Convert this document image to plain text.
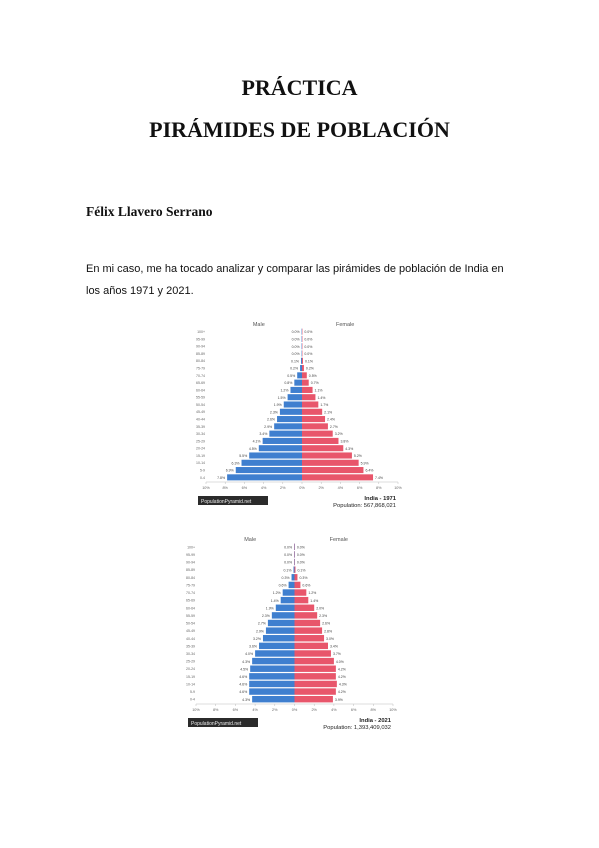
PRÁCTICA
PIRÁMIDES DE POBLACIÓN
Félix Llavero Serrano
En mi caso, me ha tocado analizar y comparar las pirámides de población de India en
los años 1971 y 2021.
Male	Female
100+	0.0% 0.0%
95-99	0.0% 0.0%
90-94	0.0% 0.0%
85-89	0.0% 0.0%
80-84	0.1% 0.1%
75-79	0.2% 0.2%
70-74	0.5%	0.5%
65-69	0.8%	0.7%
60-64	1.2%	1.1%
55-59	1.5%	1.4%
50-54	1.9%	1.7%
45-49	2.3%	2.1%
40-44	2.6%	2.4%
35-39	2.9%	2.7%
30-34	3.4%	3.2%
25-29	4.1%	3.8%
20-24	4.5%	4.3%
15-19	5.5%	5.2%
10-14	6.3%	5.9%
5-9	6.9%	6.4%
0-4	7.8%	7.4%
10%	8%	6%	4%	2%	0%	2%	4%	6%	8%	10%
PopulationPyramid.net	India - 1971
Population: 567,868,021
Male	Female
100+	0.0% 0.0%
95-99	0.0% 0.0%
90-94	0.0% 0.0%
85-89	0.1% 0.1%
80-84	0.3%	0.3%
75-79	0.6%	0.6%
70-74	1.2%	1.2%
65-69	1.4%	1.4%
60-64	1.9%	2.0%
55-59	2.3%	2.3%
50-54	2.7%	2.6%
45-49	2.9%	2.8%
40-44	3.2%	3.0%
35-39	3.6%	3.4%
30-34	4.0%	3.7%
25-29	4.3%	4.0%
20-24	4.5%	4.2%
15-19	4.6%	4.2%
10-14	4.6%	4.3%
5-9	4.6%	4.2%
0-4	4.3%	3.9%
10%	8%	6%	4%	2%	0%	2%	4%	6%	8%	10%
PopulationPyramid.net	India - 2021
Population: 1,393,409,032
